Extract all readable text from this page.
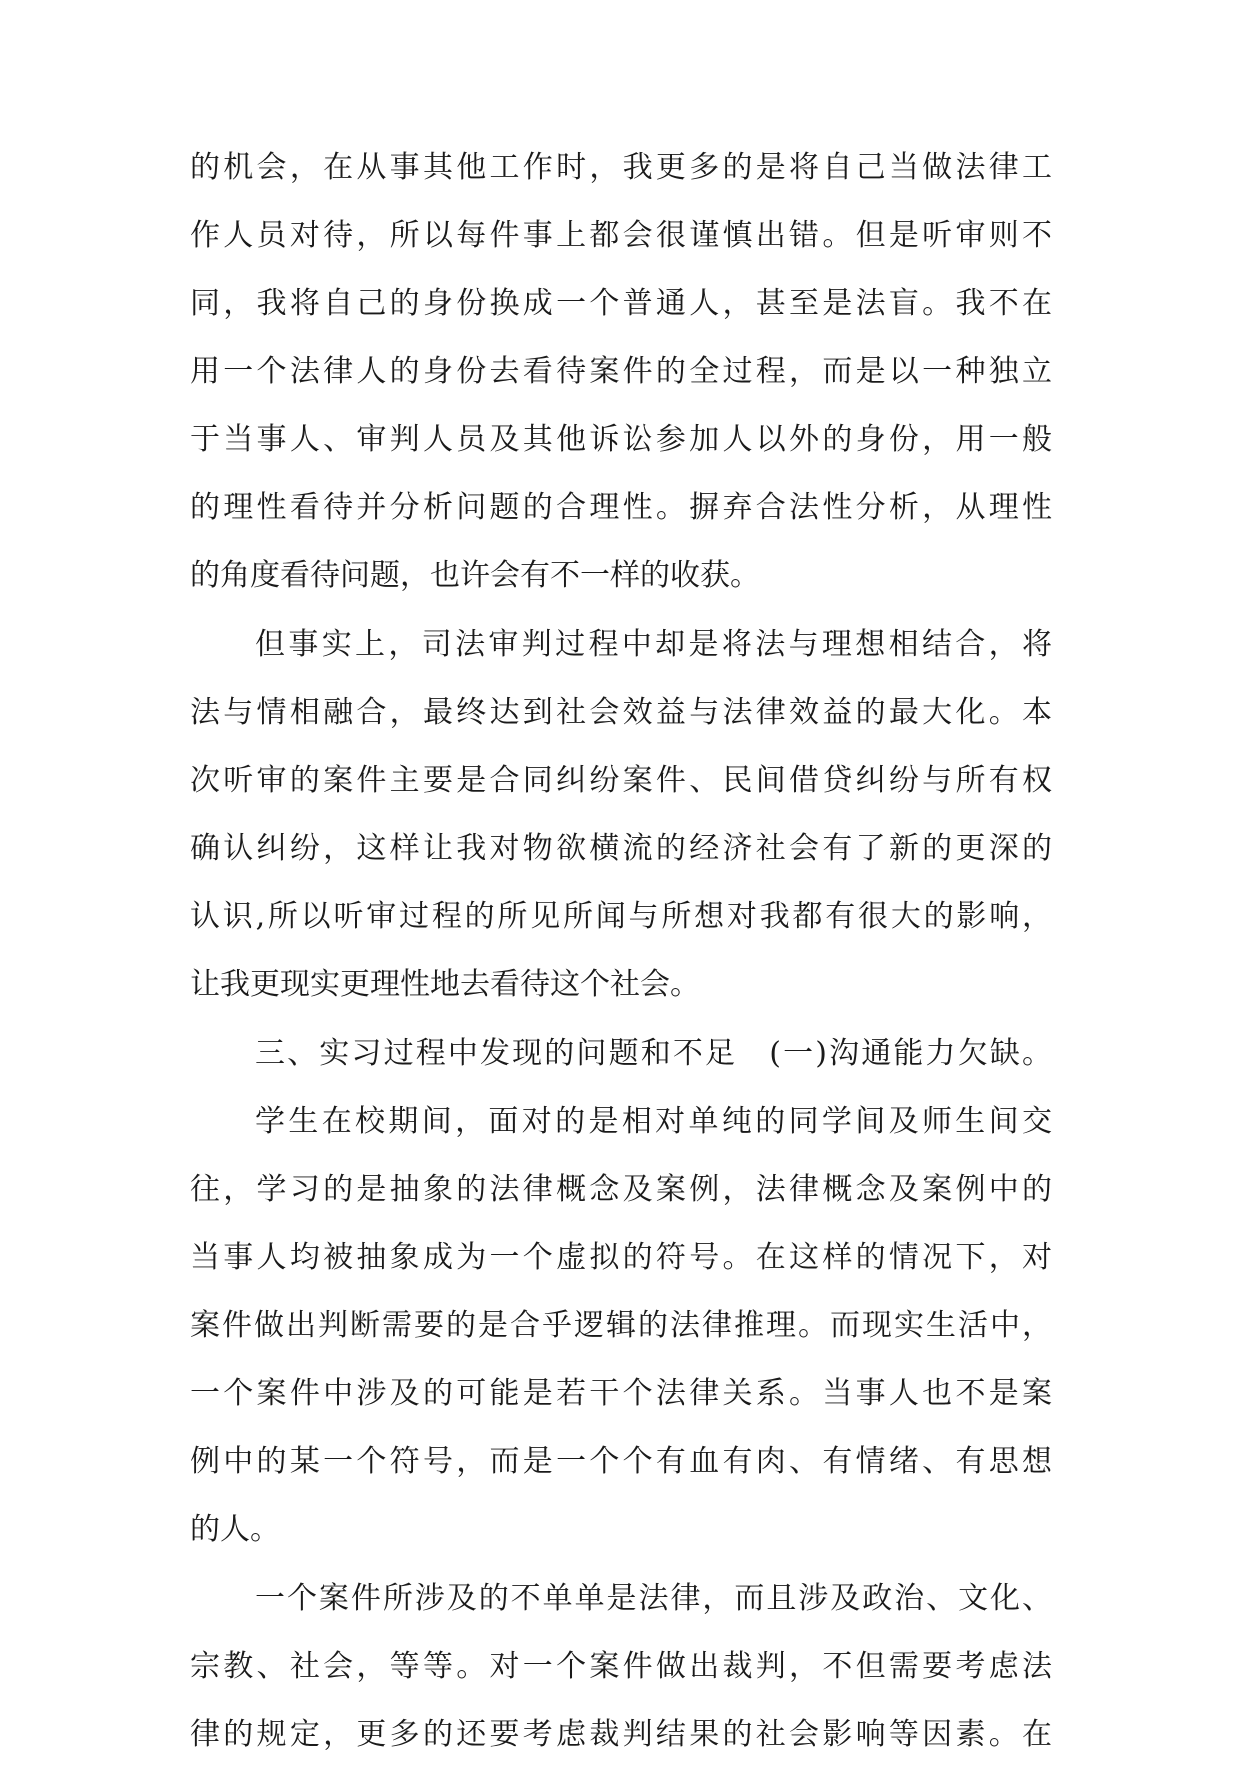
的机会，在从事其他工作时，我更多的是将自己当做法律工
作人员对待，所以每件事上都会很谨慎出错。但是听审则不
同，我将自己的身份换成一个普通人，甚至是法盲。我不在
用一个法律人的身份去看待案件的全过程，而是以一种独立
于当事人、审判人员及其他诉讼参加人以外的身份，用一般
的理性看待并分析问题的合理性。摒弃合法性分析，从理性
的角度看待问题，也许会有不一样的收获。
但事实上，司法审判过程中却是将法与理想相结合，将
法与情相融合，最终达到社会效益与法律效益的最大化。本
次听审的案件主要是合同纠纷案件、民间借贷纠纷与所有权
确认纠纷，这样让我对物欲横流的经济社会有了新的更深的
认识,所以听审过程的所见所闻与所想对我都有很大的影响，
让我更现实更理性地去看待这个社会。
三、实习过程中发现的问题和不足　(一)沟通能力欠缺。
学生在校期间，面对的是相对单纯的同学间及师生间交
往，学习的是抽象的法律概念及案例，法律概念及案例中的
当事人均被抽象成为一个虚拟的符号。在这样的情况下，对
案件做出判断需要的是合乎逻辑的法律推理。而现实生活中，
一个案件中涉及的可能是若干个法律关系。当事人也不是案
例中的某一个符号，而是一个个有血有肉、有情绪、有思想
的人。
一个案件所涉及的不单单是法律，而且涉及政治、文化、
宗教、社会，等等。对一个案件做出裁判，不但需要考虑法
律的规定，更多的还要考虑裁判结果的社会影响等因素。在
